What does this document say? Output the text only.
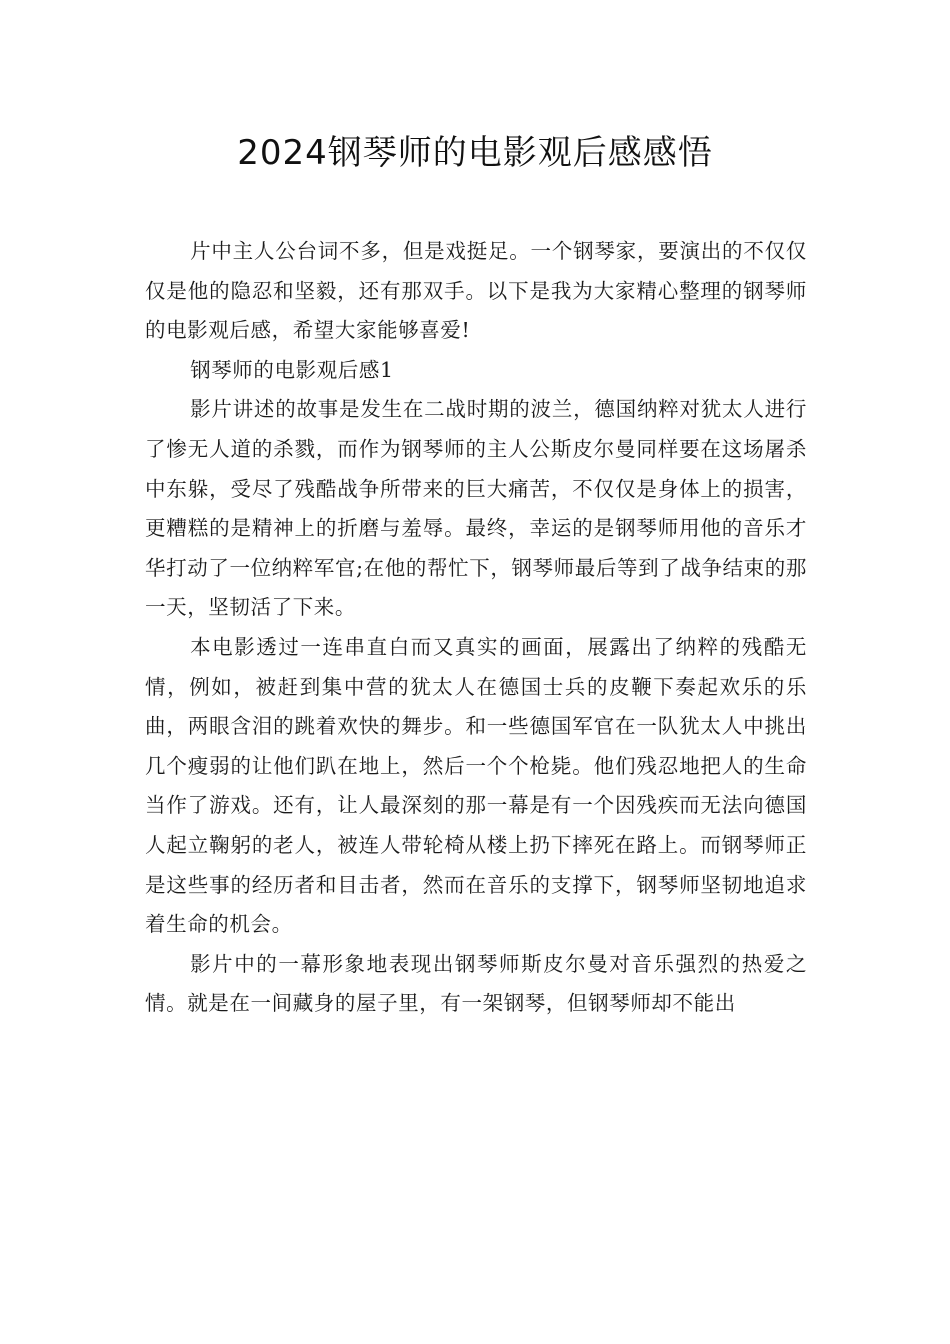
2024钢琴师的电影观后感感悟

片中主人公台词不多，但是戏挺足。一个钢琴家，要演出的不仅仅仅是他的隐忍和坚毅，还有那双手。以下是我为大家精心整理的钢琴师的电影观后感，希望大家能够喜爱!

钢琴师的电影观后感1

影片讲述的故事是发生在二战时期的波兰，德国纳粹对犹太人进行了惨无人道的杀戮，而作为钢琴师的主人公斯皮尔曼同样要在这场屠杀中东躲，受尽了残酷战争所带来的巨大痛苦，不仅仅是身体上的损害，更糟糕的是精神上的折磨与羞辱。最终，幸运的是钢琴师用他的音乐才华打动了一位纳粹军官;在他的帮忙下，钢琴师最后等到了战争结束的那一天，坚韧活了下来。

本电影透过一连串直白而又真实的画面，展露出了纳粹的残酷无情，例如，被赶到集中营的犹太人在德国士兵的皮鞭下奏起欢乐的乐曲，两眼含泪的跳着欢快的舞步。和一些德国军官在一队犹太人中挑出几个瘦弱的让他们趴在地上，然后一个个枪毙。他们残忍地把人的生命当作了游戏。还有，让人最深刻的那一幕是有一个因残疾而无法向德国人起立鞠躬的老人，被连人带轮椅从楼上扔下摔死在路上。而钢琴师正是这些事的经历者和目击者，然而在音乐的支撑下，钢琴师坚韧地追求着生命的机会。

影片中的一幕形象地表现出钢琴师斯皮尔曼对音乐强烈的热爱之情。就是在一间藏身的屋子里，有一架钢琴，但钢琴师却不能出
